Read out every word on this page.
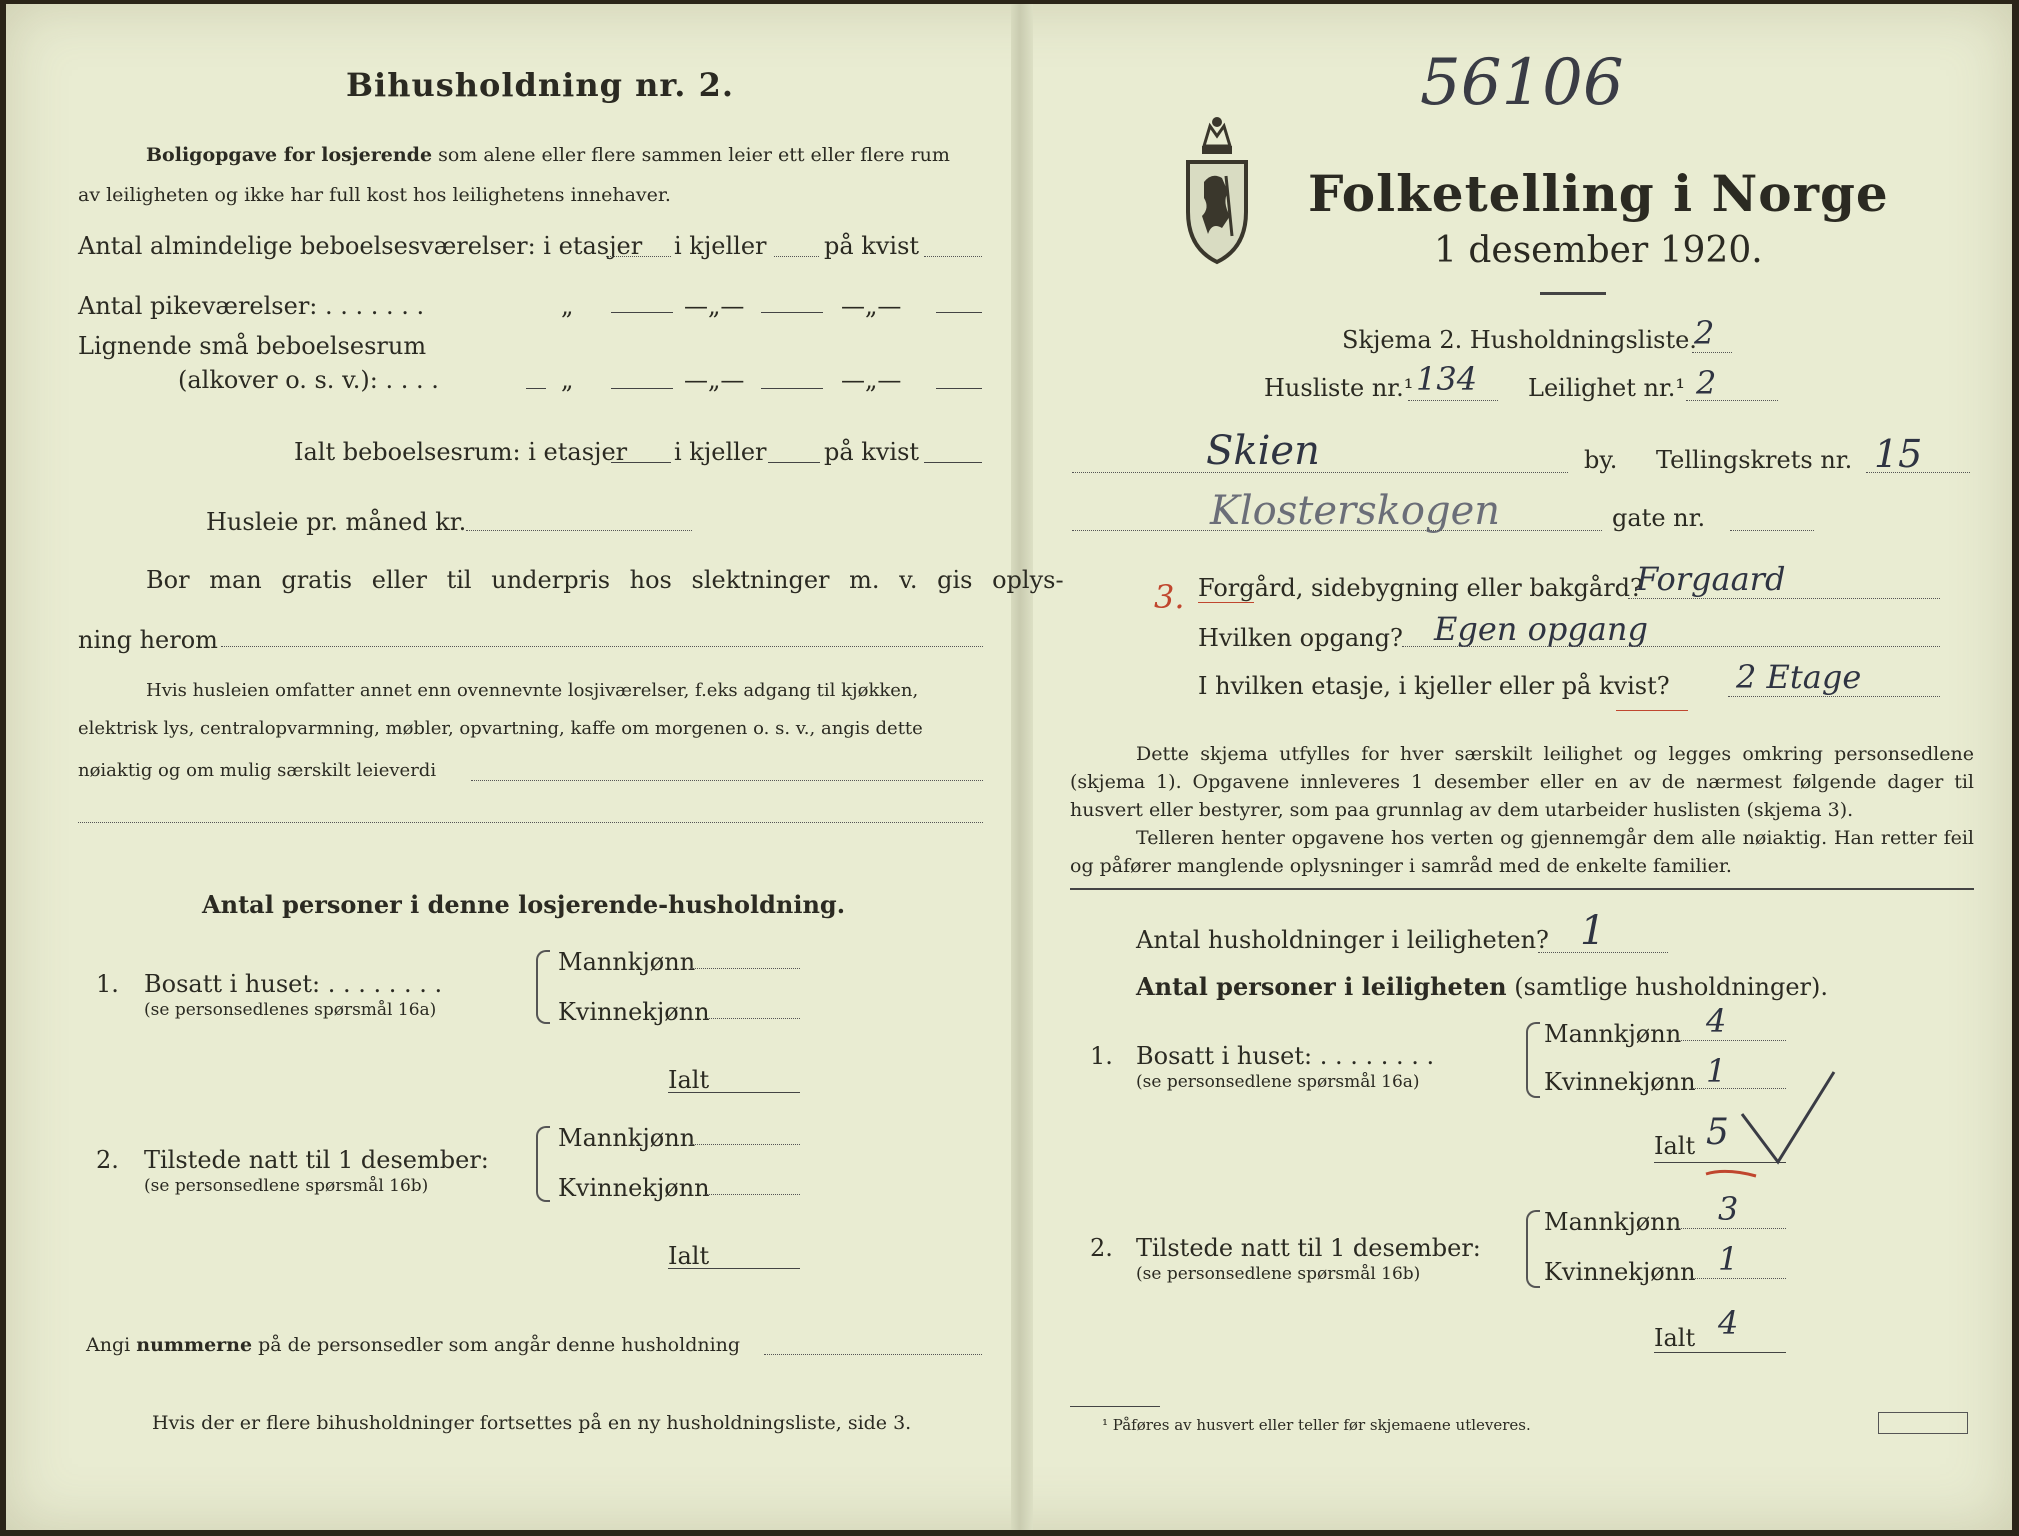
Bihusholdning nr. 2.
Boligopgave for losjerende som alene eller flere sammen leier ett eller flere rum
av leiligheten og ikke har full kost hos leilighetens innehaver.
Antal almindelige beboelsesværelser: i etasjer i kjeller på kvist
Antal pikeværelser: . . . . . . .	„	—„—	—„—
Lignende små beboelsesrum
(alkover o. s. v.): . . . .	„	—„—	—„—
Ialt beboelsesrum: i etasjer i kjeller på kvist
Husleie pr. måned kr.
Bor man gratis eller til underpris hos slektninger m. v. gis oplys-
ning herom
Hvis husleien omfatter annet enn ovennevnte losjiværelser, f.eks adgang til kjøkken,
elektrisk lys, centralopvarmning, møbler, opvartning, kaffe om morgenen o. s. v., angis dette
nøiaktig og om mulig særskilt leieverdi
Antal personer i denne losjerende-husholdning.
1. Bosatt i huset: . . . . . . . .
(se personsedlenes spørsmål 16a)
Mannkjønn
Kvinnekjønn
Ialt
2. Tilstede natt til 1 desember:
(se personsedlene spørsmål 16b)
Mannkjønn
Kvinnekjønn
Ialt
Angi nummerne på de personsedler som angår denne husholdning
Hvis der er flere bihusholdninger fortsettes på en ny husholdningsliste, side 3.
56106
Folketelling i Norge
1 desember 1920.
Skjema 2. Husholdningsliste.
2
Husliste nr.¹ 134 Leilighet nr.¹ 2
Skien	by. Tellingskrets nr. 15
Klosterskogen	gate nr.
3. Forgård, sidebygning eller bakgård?
Forgaard
Hvilken opgang? Egen opgang
I hvilken etasje, i kjeller eller på kvist? 2 Etage
Dette skjema utfylles for hver særskilt leilighet og legges omkring personsedlene (skjema 1). Opgavene innleveres 1 desember eller en av de nærmest følgende dager til husvert eller bestyrer, som paa grunnlag av dem utarbeider huslisten (skjema 3).
Telleren henter opgavene hos verten og gjennemgår dem alle nøiaktig. Han retter feil og påfører manglende oplysninger i samråd med de enkelte familier.
Antal husholdninger i leiligheten? 1
Antal personer i leiligheten (samtlige husholdninger).
1. Bosatt i huset: . . . . . . . .
(se personsedlene spørsmål 16a)
Mannkjønn 4
Kvinnekjønn 1
Ialt 5
2. Tilstede natt til 1 desember:
(se personsedlene spørsmål 16b)
Mannkjønn 3
Kvinnekjønn 1
Ialt 4
¹ Påføres av husvert eller teller før skjemaene utleveres.
